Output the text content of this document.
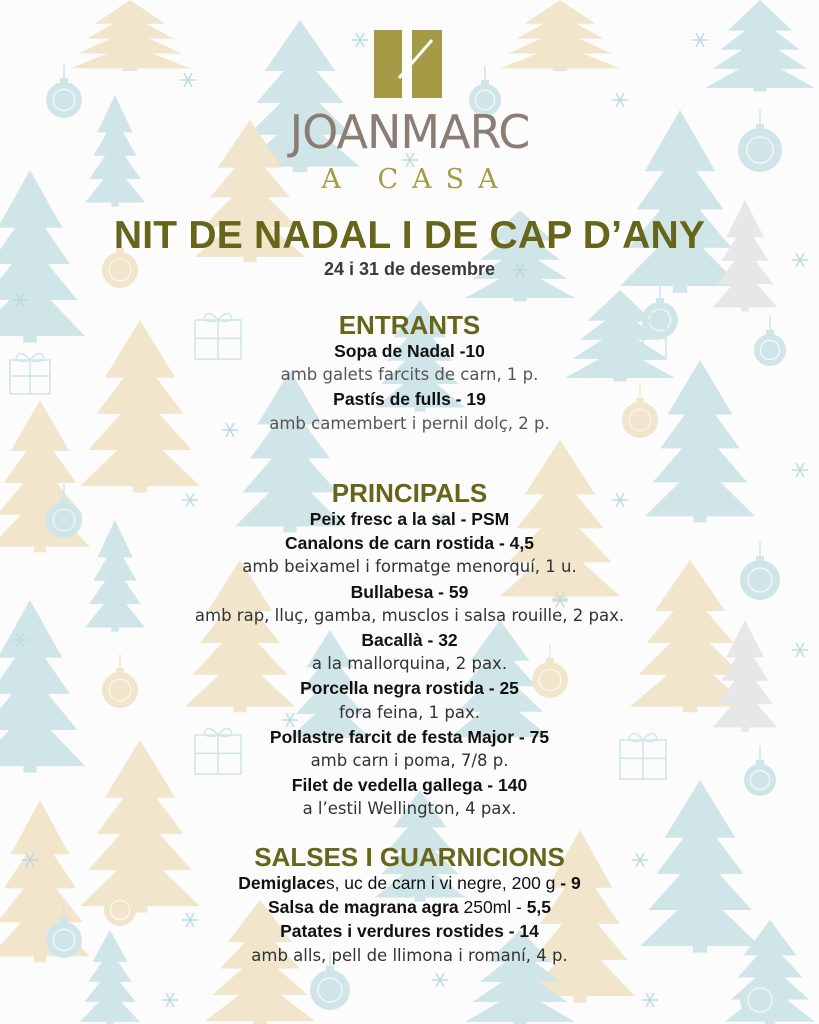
JOANMARC
A CASA
NIT DE NADAL I DE CAP D’ANY
24 i 31 de desembre
ENTRANTS

Sopa de Nadal -10

amb galets farcits de carn, 1 p.

Pastís de fulls - 19

amb camembert i pernil dolç, 2 p.

PRINCIPALS

Peix fresc a la sal - PSM

Canalons de carn rostida - 4,5

amb beixamel i formatge menorquí, 1 u.

Bullabesa - 59

amb rap, lluç, gamba, musclos i salsa rouille, 2 pax.

Bacallà - 32

a la mallorquina, 2 pax.

Porcella negra rostida - 25

fora feina, 1 pax.

Pollastre farcit de festa Major - 75

amb carn i poma, 7/8 p.

Filet de vedella gallega - 140

a l’estil Wellington, 4 pax.

SALSES I GUARNICIONS

Demiglaces, uc de carn i vi negre, 200 g - 9

Salsa de magrana agra 250ml - 5,5

Patates i verdures rostides - 14

amb alls, pell de llimona i romaní, 4 p.
